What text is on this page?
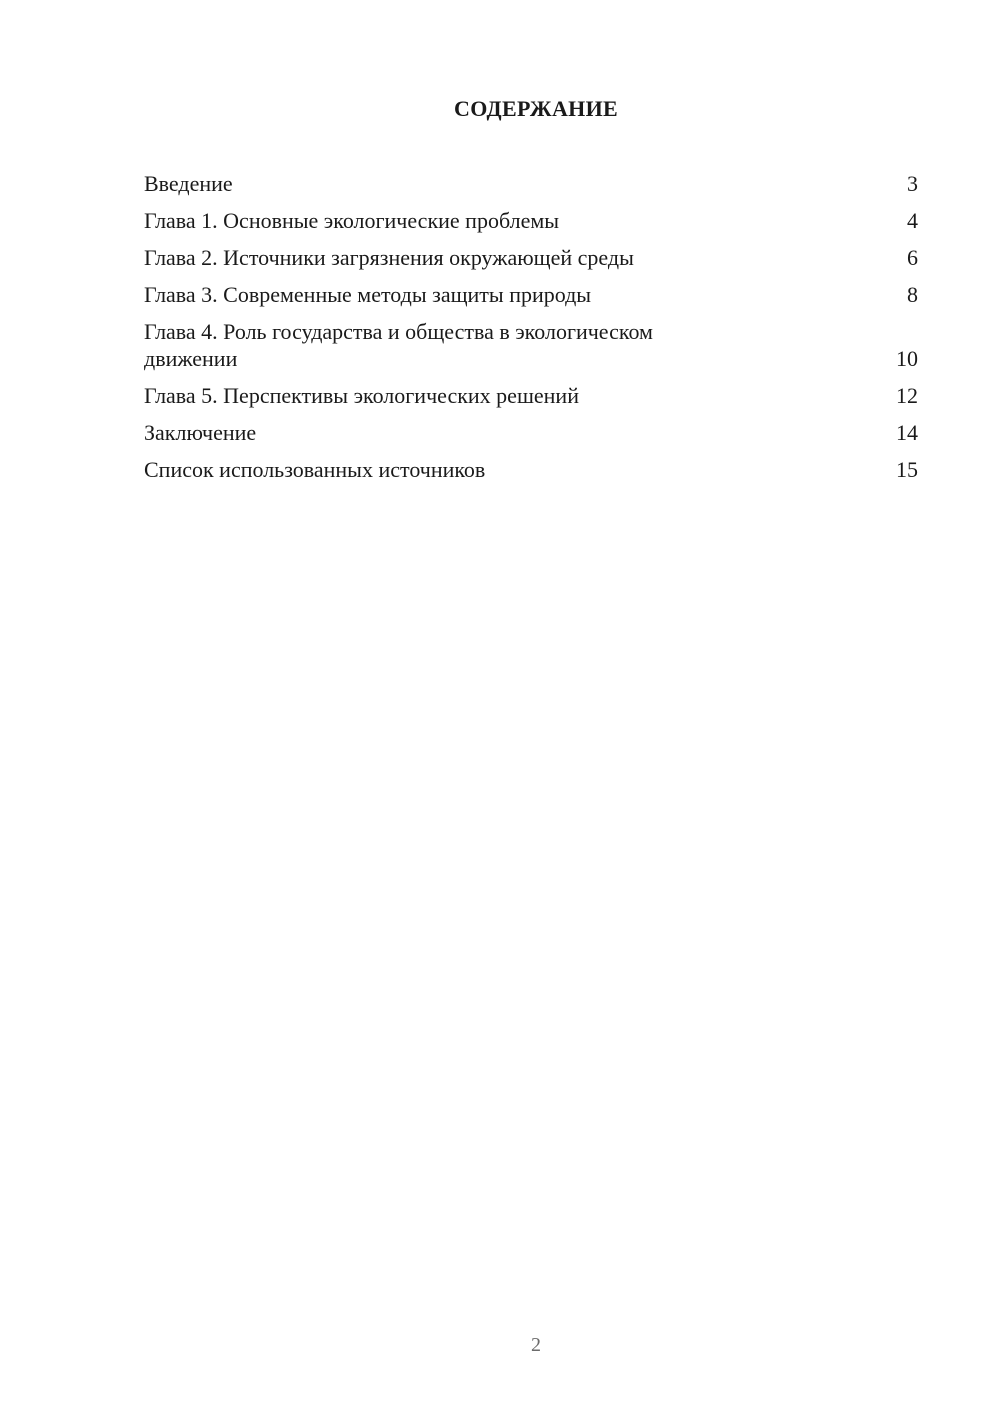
СОДЕРЖАНИЕ
Введение	3
Глава 1. Основные экологические проблемы	4
Глава 2. Источники загрязнения окружающей среды	6
Глава 3. Современные методы защиты природы	8
Глава 4. Роль государства и общества в экологическом движении	10
Глава 5. Перспективы экологических решений	12
Заключение	14
Список использованных источников	15
2
